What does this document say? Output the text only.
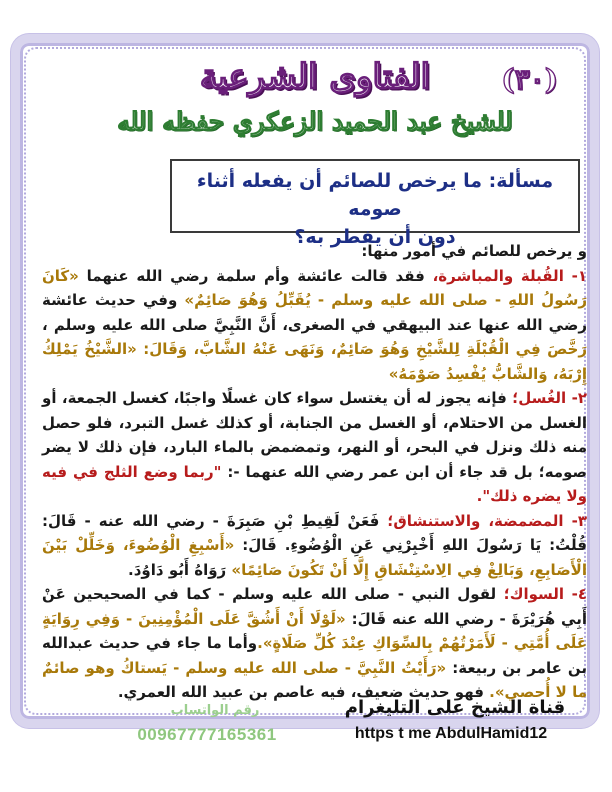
الفتاوى الشرعية	(٣٠)
للشيخ عبد الحميد الزعكري حفظه الله
مسألة: ما يرخص للصائم أن يفعله أثناء صومه
دون أن يفطر به؟

و يرخص للصائم في أمور منها:

١- القُبلة والمباشرة، فقد قالت عائشة وأم سلمة رضي الله عنهما «كَانَ رَسُولُ اللهِ - صلى الله عليه وسلم - يُقَبِّلُ وَهُوَ صَائِمٌ» وفي حديث عائشة رضي الله عنها عند البيهقي في الصغرى، أَنَّ النَّبِيَّ صلى الله عليه وسلم ، رَخَّصَ فِي الْقُبْلَةِ لِلشَّيْخِ وَهُوَ صَائِمٌ، وَنَهَى عَنْهُ الشَّابَّ، وَقَالَ: «الشَّيْخُ يَمْلِكُ إِرْبَهُ، وَالشَّابُّ يُفْسِدُ صَوْمَهُ»

٢- الغُسل؛ فإنه يجوز له أن يغتسل سواء كان غسلًا واجبًا، كغسل الجمعة، أو الغسل من الاحتلام، أو الغسل من الجنابة، أو كذلك غسل التبرد، فلو حصل منه ذلك ونزل في البحر، أو النهر، وتمضمض بالماء البارد، فإن ذلك لا يضر صومه؛ بل قد جاء أن ابن عمر رضي الله عنهما -: "ربما وضع الثلج في فيه ولا يضره ذلك".

٣- المضمضة، والاستنشاق؛ فَعَنْ لَقِيطِ بْنِ صَبِرَةَ - رضي الله عنه - قَالَ: قُلْتُ: يَا رَسُولَ اللهِ أَخْبِرْنِي عَنِ الْوُضُوءِ. قَالَ: «أَسْبِغِ الْوُضُوءَ، وَخَلِّلْ بَيْنَ الْأَصَابِعِ، وَبَالِغْ فِي الِاسْتِنْشَاقِ إِلَّا أَنْ تَكُونَ صَائِمًا» رَوَاهُ أَبُو دَاوُدَ.

٤- السواك؛ لقول النبي - صلى الله عليه وسلم - كما في الصحيحين عَنْ أَبِي هُرَيْرَةَ - رضي الله عنه قَالَ: «لَوْلَا أَنْ أَشُقَّ عَلَى الْمُؤْمِنِينَ - وَفِي رِوَايَةٍ عَلَى أُمَّتِي - لَأَمَرْتُهُمْ بِالسِّوَاكِ عِنْدَ كُلِّ صَلَاةٍ».وأما ما جاء في حديث عبدالله بن عامر بن ربيعة: «رَأَيْتُ النَّبِيَّ - صلى الله عليه وسلم - يَستاكُ وهو صائمٌ ما لا أُحصي». فهو حديث ضعيف، فيه عاصم بن عبيد الله العمري.

رقم الواتساب
00967777165361
قناة الشيخ على التليغرام
https t me AbdulHamid12
